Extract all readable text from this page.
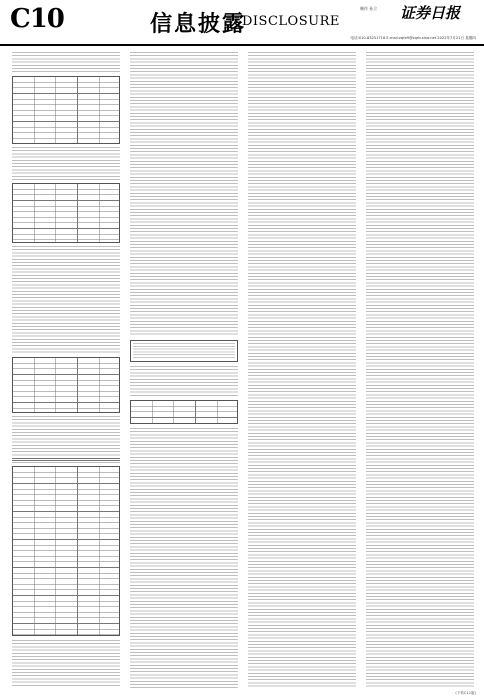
C10	信息披露
DISCLOSURE
制作 孙立 证券日报
电话:010-83251716 E-mail:zqrb9@zqrb.sina.net 2022年7月21日 星期四
(下转C11版)
